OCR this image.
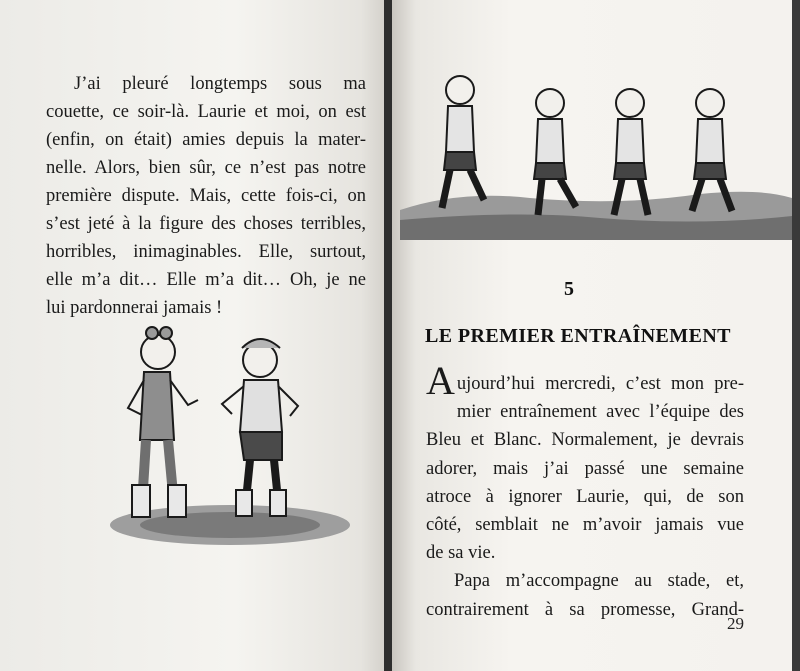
J’ai pleuré longtemps sous ma
couette, ce soir-là. Laurie et moi, on est
(enfin, on était) amies depuis la mater-
nelle. Alors, bien sûr, ce n’est pas notre
première dispute. Mais, cette fois-ci, on
s’est jeté à la figure des choses terribles,
horribles, inimaginables. Elle, surtout,
elle m’a dit… Elle m’a dit… Oh, je ne
lui pardonnerai jamais !
5
LE PREMIER ENTRAÎNEMENT
Aujourd’hui mercredi, c’est mon pre-
mier entraînement avec l’équipe des
Bleu et Blanc. Normalement, je devrais
adorer, mais j’ai passé une semaine
atroce à ignorer Laurie, qui, de son
côté, semblait ne m’avoir jamais vue
de sa vie.
Papa m’accompagne au stade, et,
contrairement à sa promesse, Grand-
29
